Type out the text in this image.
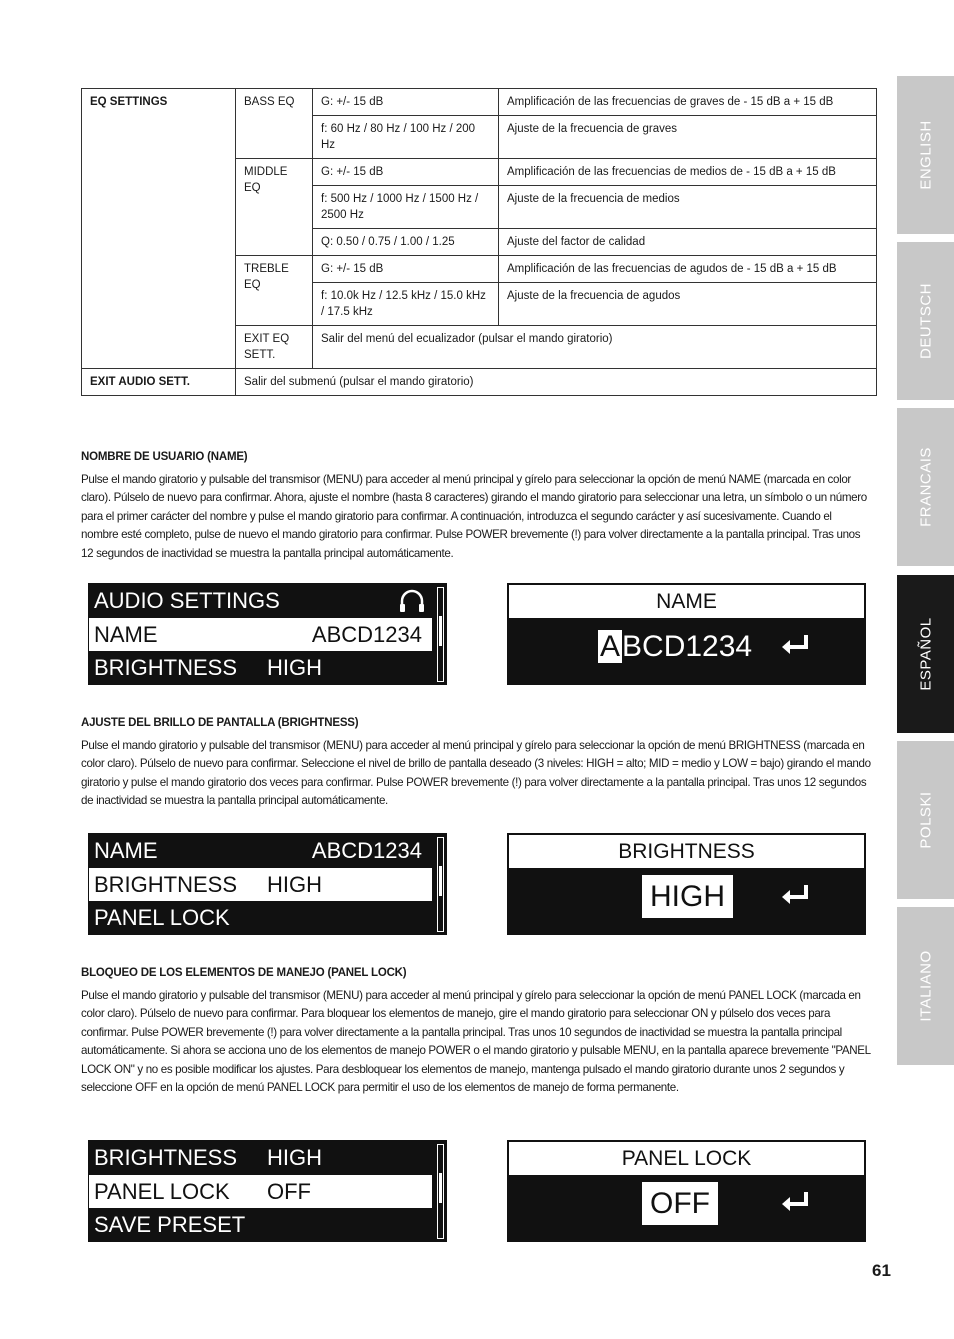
EQ SETTINGS	BASS EQ	G: +/- 15 dB	Amplificación de las frecuencias de graves de - 15 dB a + 15 dB
		f: 60 Hz / 80 Hz / 100 Hz / 200 Hz	Ajuste de la frecuencia de graves
	MIDDLE EQ	G: +/- 15 dB	Amplificación de las frecuencias de medios de - 15 dB a + 15 dB
		f: 500 Hz / 1000 Hz / 1500 Hz / 2500 Hz	Ajuste de la frecuencia de medios
		Q: 0.50 / 0.75 / 1.00 / 1.25	Ajuste del factor de calidad
	TREBLE EQ	G: +/- 15 dB	Amplificación de las frecuencias de agudos de - 15 dB a + 15 dB
		f: 10.0k Hz / 12.5 kHz / 15.0 kHz / 17.5 kHz	Ajuste de la frecuencia de agudos
	EXIT EQ SETT.	Salir del menú del ecualizador (pulsar el mando giratorio)	
EXIT AUDIO SETT.	Salir del submenú (pulsar el mando giratorio)		
NOMBRE DE USUARIO (NAME)

Pulse el mando giratorio y pulsable del transmisor (MENU) para acceder al menú principal y gírelo para seleccionar la opción de menú NAME (marcada en color claro). Púlselo de nuevo para confirmar. Ahora, ajuste el nombre (hasta 8 caracteres) girando el mando giratorio para seleccionar una letra, un símbolo o un número para el primer carácter del nombre y pulse el mando giratorio para confirmar. A continuación, introduzca el segundo carácter y así sucesivamente. Cuando el nombre esté completo, pulse de nuevo el mando giratorio para confirmar. Pulse POWER brevemente (!) para volver directamente a la pantalla principal. Tras unos 12 segundos de inactividad se muestra la pantalla principal automáticamente.

AUDIO SETTINGS
NAME	ABCD1234
BRIGHTNESS HIGH
NAME
ABCD1234
AJUSTE DEL BRILLO DE PANTALLA (BRIGHTNESS)

Pulse el mando giratorio y pulsable del transmisor (MENU) para acceder al menú principal y gírelo para seleccionar la opción de menú BRIGHTNESS (marcada en color claro). Púlselo de nuevo para confirmar. Seleccione el nivel de brillo de pantalla deseado (3 niveles: HIGH = alto; MID = medio y LOW = bajo) girando el mando giratorio y pulse el mando giratorio dos veces para confirmar. Pulse POWER brevemente (!) para volver directamente a la pantalla principal. Tras unos 12 segundos de inactividad se muestra la pantalla principal automáticamente.

NAME	ABCD1234
BRIGHTNESS HIGH
PANEL LOCK
BRIGHTNESS
HIGH
BLOQUEO DE LOS ELEMENTOS DE MANEJO (PANEL LOCK)

Pulse el mando giratorio y pulsable del transmisor (MENU) para acceder al menú principal y gírelo para seleccionar la opción de menú PANEL LOCK (marcada en color claro). Púlselo de nuevo para confirmar. Para bloquear los elementos de manejo, gire el mando giratorio para seleccionar ON y púlselo dos veces para confirmar. Pulse POWER brevemente (!) para volver directamente a la pantalla principal. Tras unos 10 segundos de inactividad se muestra la pantalla principal automáticamente. Si ahora se acciona uno de los elementos de manejo POWER o el mando giratorio y pulsable MENU, en la pantalla aparece brevemente "PANEL LOCK ON" y no es posible modificar los ajustes. Para desbloquear los elementos de manejo, mantenga pulsado el mando giratorio durante unos 2 segundos y seleccione OFF en la opción de menú PANEL LOCK para permitir el uso de los elementos de manejo de forma permanente.

BRIGHTNESS HIGH
PANEL LOCK OFF
SAVE PRESET
PANEL LOCK
OFF
ENGLISH
DEUTSCH
FRANCAIS
ESPAÑOL
POLSKI
ITALIANO
61
